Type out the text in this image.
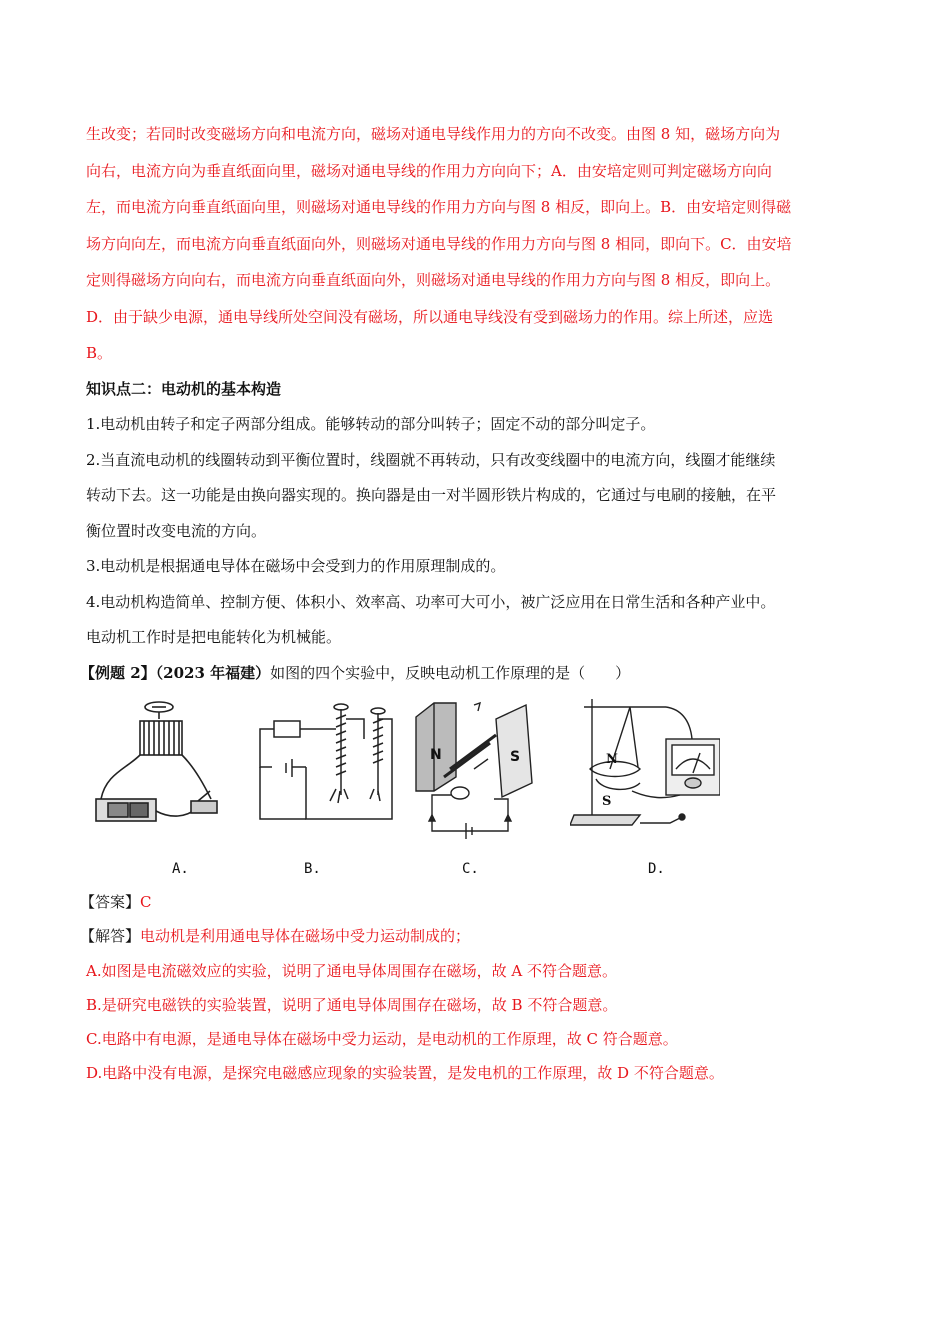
生改变；若同时改变磁场方向和电流方向，磁场对通电导线作用力的方向不改变。由图 8 知，磁场方向为

向右，电流方向为垂直纸面向里，磁场对通电导线的作用力方向向下；A．由安培定则可判定磁场方向向

左，而电流方向垂直纸面向里，则磁场对通电导线的作用力方向与图 8 相反，即向上。B．由安培定则得磁

场方向向左，而电流方向垂直纸面向外，则磁场对通电导线的作用力方向与图 8 相同，即向下。C．由安培

定则得磁场方向向右，而电流方向垂直纸面向外，则磁场对通电导线的作用力方向与图 8 相反，即向上。

D．由于缺少电源，通电导线所处空间没有磁场，所以通电导线没有受到磁场力的作用。综上所述，应选

B。

知识点二：电动机的基本构造

1.电动机由转子和定子两部分组成。能够转动的部分叫转子；固定不动的部分叫定子。

2.当直流电动机的线圈转动到平衡位置时，线圈就不再转动，只有改变线圈中的电流方向，线圈才能继续

转动下去。这一功能是由换向器实现的。换向器是由一对半圆形铁片构成的，它通过与电刷的接触，在平

衡位置时改变电流的方向。

3.电动机是根据通电导体在磁场中会受到力的作用原理制成的。

4.电动机构造简单、控制方便、体积小、效率高、功率可大可小，被广泛应用在日常生活和各种产业中。

电动机工作时是把电能转化为机械能。

【例题 2】（2023 年福建）如图的四个实验中，反映电动机工作原理的是（　　）

A.	B.
N	S
C.
N
S
D.

【答案】C

【解答】电动机是利用通电导体在磁场中受力运动制成的；

A.如图是电流磁效应的实验，说明了通电导体周围存在磁场，故 A 不符合题意。

B.是研究电磁铁的实验装置，说明了通电导体周围存在磁场，故 B 不符合题意。

C.电路中有电源，是通电导体在磁场中受力运动，是电动机的工作原理，故 C 符合题意。

D.电路中没有电源，是探究电磁感应现象的实验装置，是发电机的工作原理，故 D 不符合题意。
